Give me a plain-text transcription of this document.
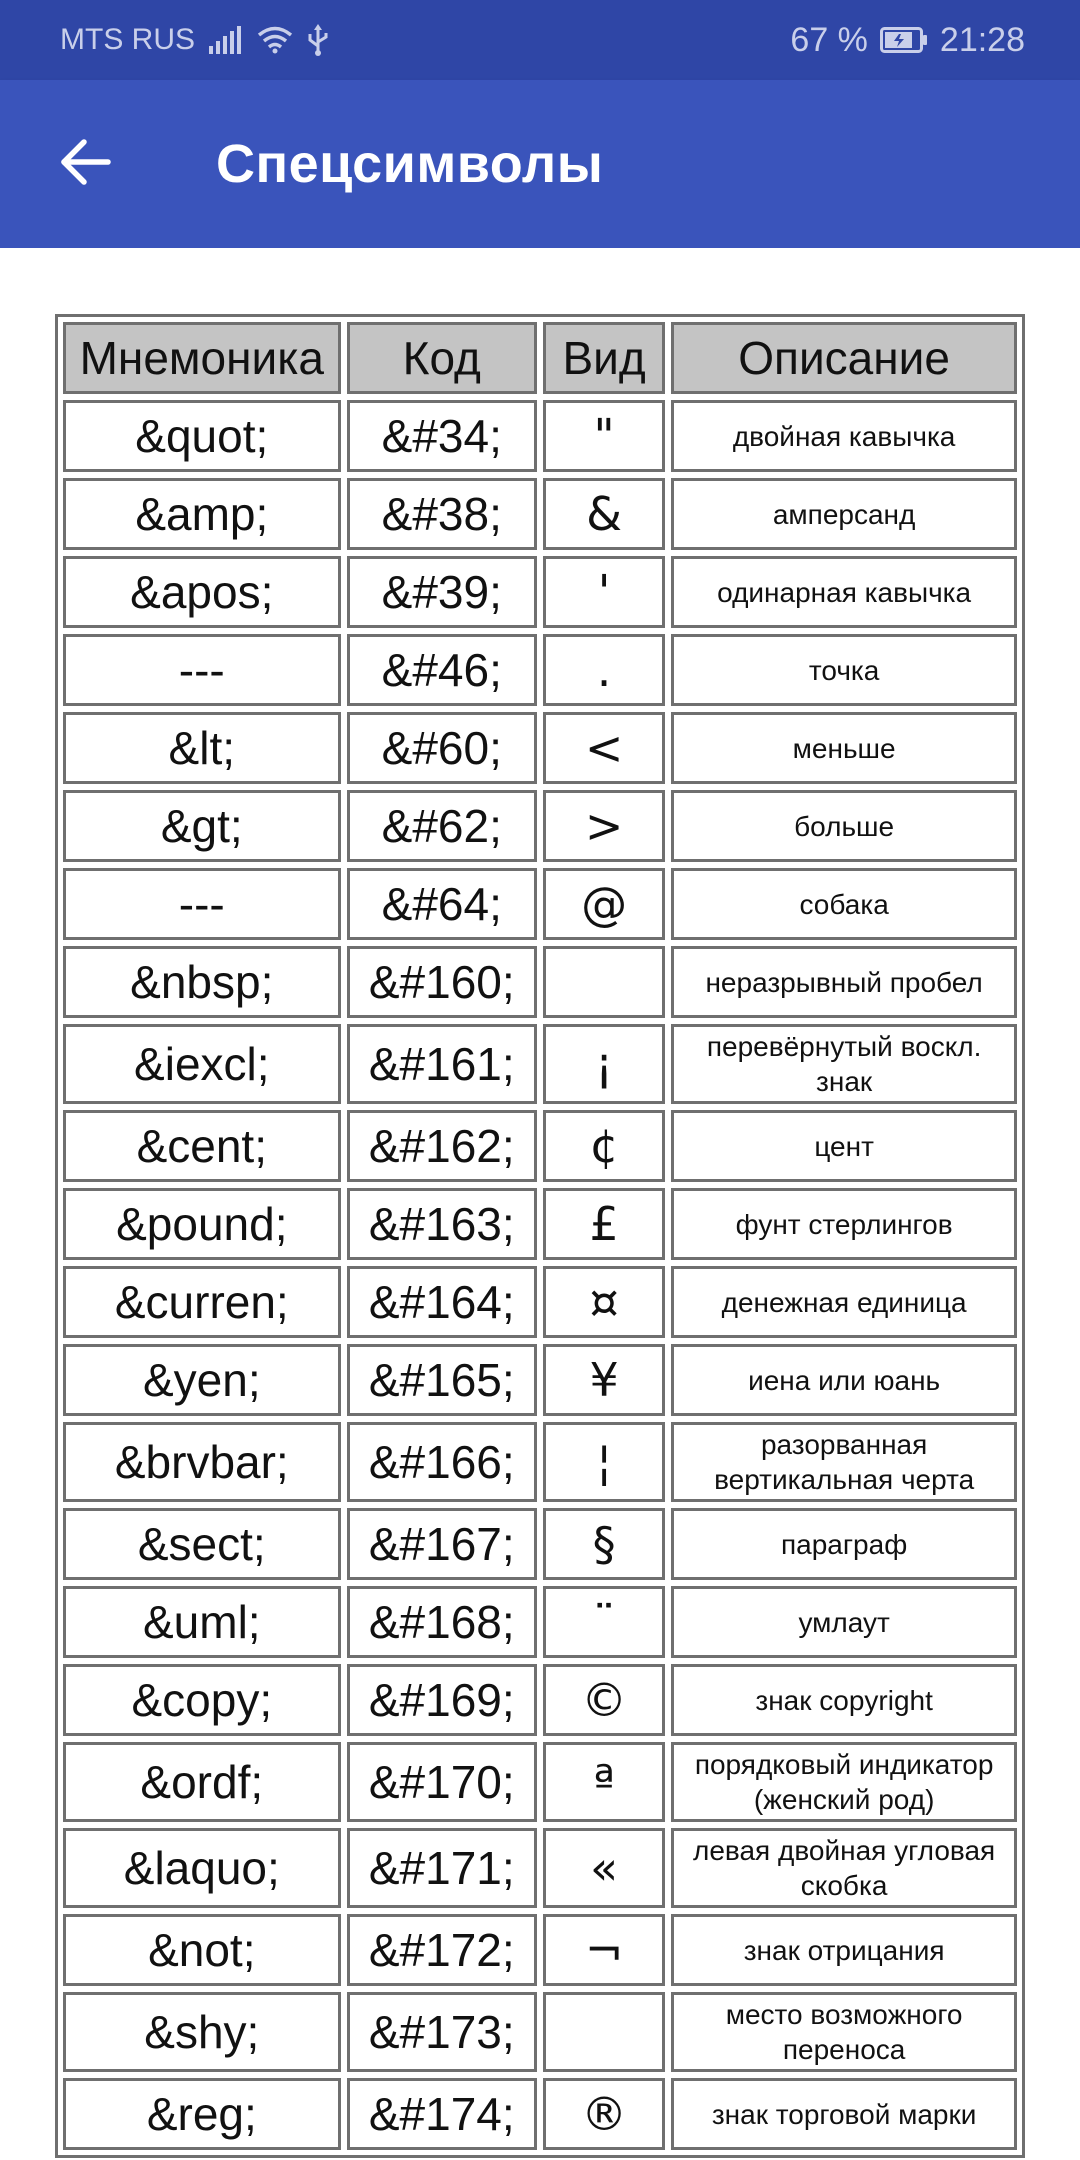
MTS RUS	67 % 21:28
Спецсимволы
Мнемоника	Код	Вид	Описание
&quot;	&#34;	"	двойная кавычка
&amp;	&#38;	&	амперсанд
&apos;	&#39;	'	одинарная кавычка
---	&#46;	.	точка
&lt;	&#60;	<	меньше
&gt;	&#62;	>	больше
---	&#64;	@	собака
&nbsp;	&#160;		неразрывный пробел
&iexcl;	&#161;	¡	перевёрнутый воскл. знак
&cent;	&#162;	¢	цент
&pound;	&#163;	£	фунт стерлингов
&curren;	&#164;	¤	денежная единица
&yen;	&#165;	¥	иена или юань
&brvbar;	&#166;	¦	разорванная вертикальная черта
&sect;	&#167;	§	параграф
&uml;	&#168;	¨	умлаут
&copy;	&#169;	©	знак copyright
&ordf;	&#170;	ª	порядковый индикатор (женский род)
&laquo;	&#171;	«	левая двойная угловая скобка
&not;	&#172;	¬	знак отрицания
&shy;	&#173;		место возможного переноса
&reg;	&#174;	®	знак торговой марки
